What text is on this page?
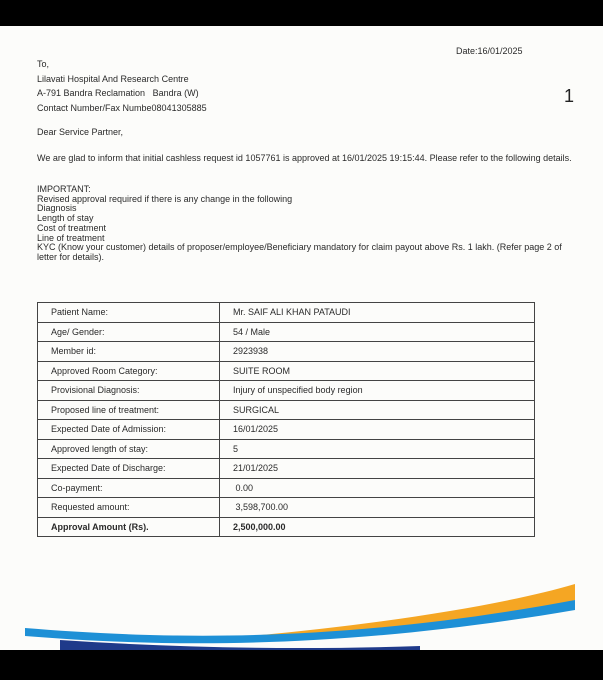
Date:16/01/2025
1
To,
Lilavati Hospital And Research Centre
A-791 Bandra Reclamation   Bandra (W)
Contact Number/Fax Numbe08041305885
Dear Service Partner,
We are glad to inform that initial cashless request id 1057761 is approved at 16/01/2025 19:15:44. Please refer to the following details.
IMPORTANT:
Revised approval required if there is any change in the following
Diagnosis
Length of stay
Cost of treatment
Line of treatment
KYC (Know your customer) details of proposer/employee/Beneficiary mandatory for claim payout above Rs. 1 lakh. (Refer page 2 of letter for details).
Patient Name:	Mr. SAIF ALI KHAN PATAUDI
Age/ Gender:	54 / Male
Member id:	2923938
Approved Room Category:	SUITE ROOM
Provisional Diagnosis:	Injury of unspecified body region
Proposed line of treatment:	SURGICAL
Expected Date of Admission:	16/01/2025
Approved length of stay:	5
Expected Date of Discharge:	21/01/2025
Co-payment:	0.00
Requested amount:	3,598,700.00
Approval Amount (Rs).	2,500,000.00
